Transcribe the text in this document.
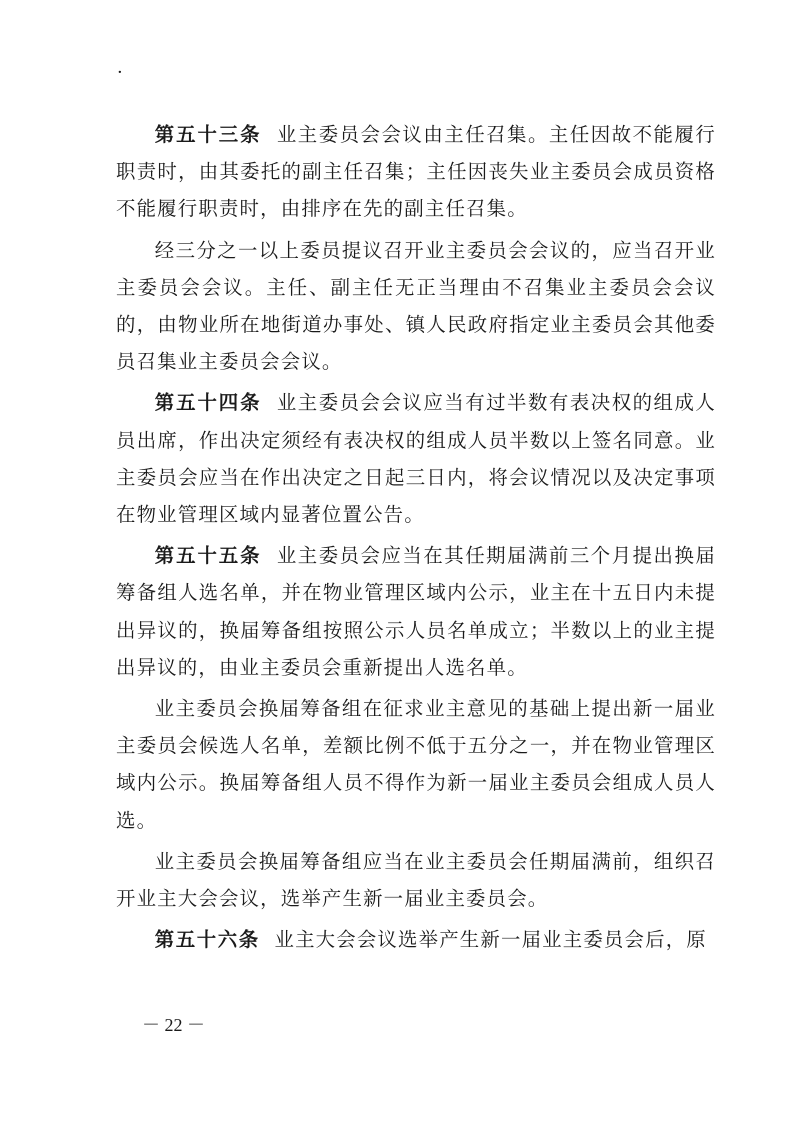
·

第五十三条 业主委员会会议由主任召集。主任因故不能履行职责时，由其委托的副主任召集；主任因丧失业主委员会成员资格不能履行职责时，由排序在先的副主任召集。

经三分之一以上委员提议召开业主委员会会议的，应当召开业主委员会会议。主任、副主任无正当理由不召集业主委员会会议的，由物业所在地街道办事处、镇人民政府指定业主委员会其他委员召集业主委员会会议。

第五十四条 业主委员会会议应当有过半数有表决权的组成人员出席，作出决定须经有表决权的组成人员半数以上签名同意。业主委员会应当在作出决定之日起三日内，将会议情况以及决定事项在物业管理区域内显著位置公告。

第五十五条 业主委员会应当在其任期届满前三个月提出换届筹备组人选名单，并在物业管理区域内公示，业主在十五日内未提出异议的，换届筹备组按照公示人员名单成立；半数以上的业主提出异议的，由业主委员会重新提出人选名单。

业主委员会换届筹备组在征求业主意见的基础上提出新一届业主委员会候选人名单，差额比例不低于五分之一，并在物业管理区域内公示。换届筹备组人员不得作为新一届业主委员会组成人员人选。

业主委员会换届筹备组应当在业主委员会任期届满前，组织召开业主大会会议，选举产生新一届业主委员会。

第五十六条 业主大会会议选举产生新一届业主委员会后，原

－ 22 －
